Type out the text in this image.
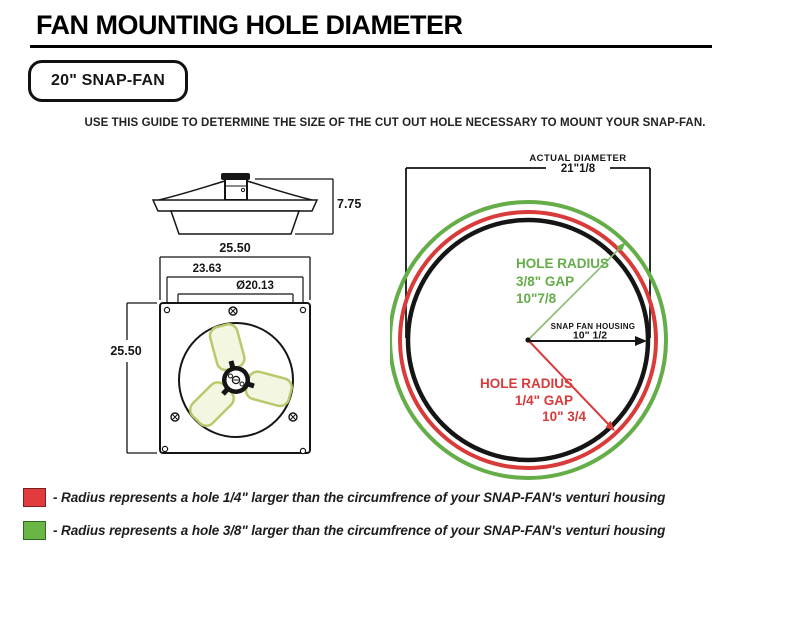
FAN MOUNTING HOLE DIAMETER
20" SNAP-FAN
USE THIS GUIDE TO DETERMINE THE SIZE OF THE CUT OUT HOLE NECESSARY TO MOUNT YOUR SNAP-FAN.
7.75
25.50
23.63
Ø20.13
25.50
ACTUAL DIAMETER
21"1/8
HOLE RADIUS
3/8" GAP
10"7/8
SNAP FAN HOUSING
10" 1/2
HOLE RADIUS
1/4" GAP
10" 3/4
- Radius represents a hole 1/4" larger than the circumfrence of your SNAP-FAN's venturi housing
- Radius represents a hole 3/8" larger than the circumfrence of your SNAP-FAN's venturi housing
